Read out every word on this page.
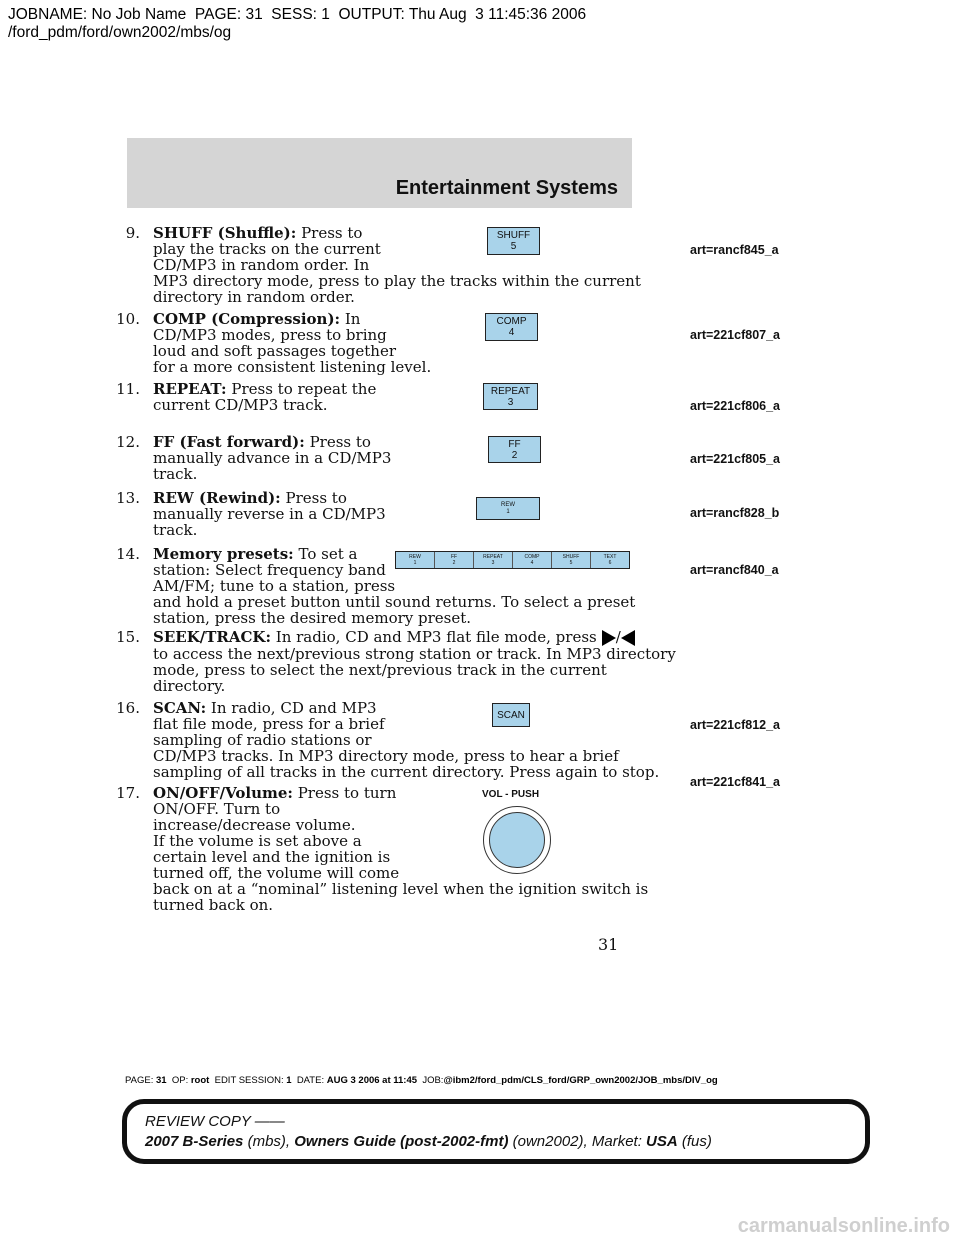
JOBNAME: No Job Name  PAGE: 31  SESS: 1  OUTPUT: Thu Aug  3 11:45:36 2006
/ford_pdm/ford/own2002/mbs/og
Entertainment Systems
9. SHUFF (Shuffle): Press to
play the tracks on the current
CD/MP3 in random order. In
MP3 directory mode, press to play the tracks within the current
directory in random order.
SHUFF
5	art=rancf845_a
10. COMP (Compression): In
CD/MP3 modes, press to bring
loud and soft passages together
for a more consistent listening level.
COMP
4	art=221cf807_a
11. REPEAT: Press to repeat the
current CD/MP3 track.
REPEAT
3	art=221cf806_a
12. FF (Fast forward): Press to
manually advance in a CD/MP3
track.
FF
2	art=221cf805_a
13. REW (Rewind): Press to
manually reverse in a CD/MP3
track.
REW
1	art=rancf828_b
14. Memory presets: To set a
station: Select frequency band
AM/FM; tune to a station, press
and hold a preset button until sound returns. To select a preset
station, press the desired memory preset.
REW
1
FF
2
REPEAT
3
COMP
4
SHUFF
5
TEXT
6	art=rancf840_a
15. SEEK/TRACK: In radio, CD and MP3 flat file mode, press /
to access the next/previous strong station or track. In MP3 directory
mode, press to select the next/previous track in the current
directory.
16. SCAN: In radio, CD and MP3
flat file mode, press for a brief
sampling of radio stations or
CD/MP3 tracks. In MP3 directory mode, press to hear a brief
sampling of all tracks in the current directory. Press again to stop.
SCAN
art=221cf812_a
17. ON/OFF/Volume: Press to turn
ON/OFF. Turn to
increase/decrease volume.
If the volume is set above a
certain level and the ignition is
turned off, the volume will come
back on at a “nominal” listening level when the ignition switch is
turned back on.
VOL - PUSH
art=221cf841_a
31
PAGE: 31 OP: root EDIT SESSION: 1 DATE: AUG 3 2006 at 11:45 JOB:@ibm2/ford_pdm/CLS_ford/GRP_own2002/JOB_mbs/DIV_og
REVIEW COPY ——
2007 B-Series (mbs), Owners Guide (post-2002-fmt) (own2002), Market: USA (fus)
carmanualsonline.info
